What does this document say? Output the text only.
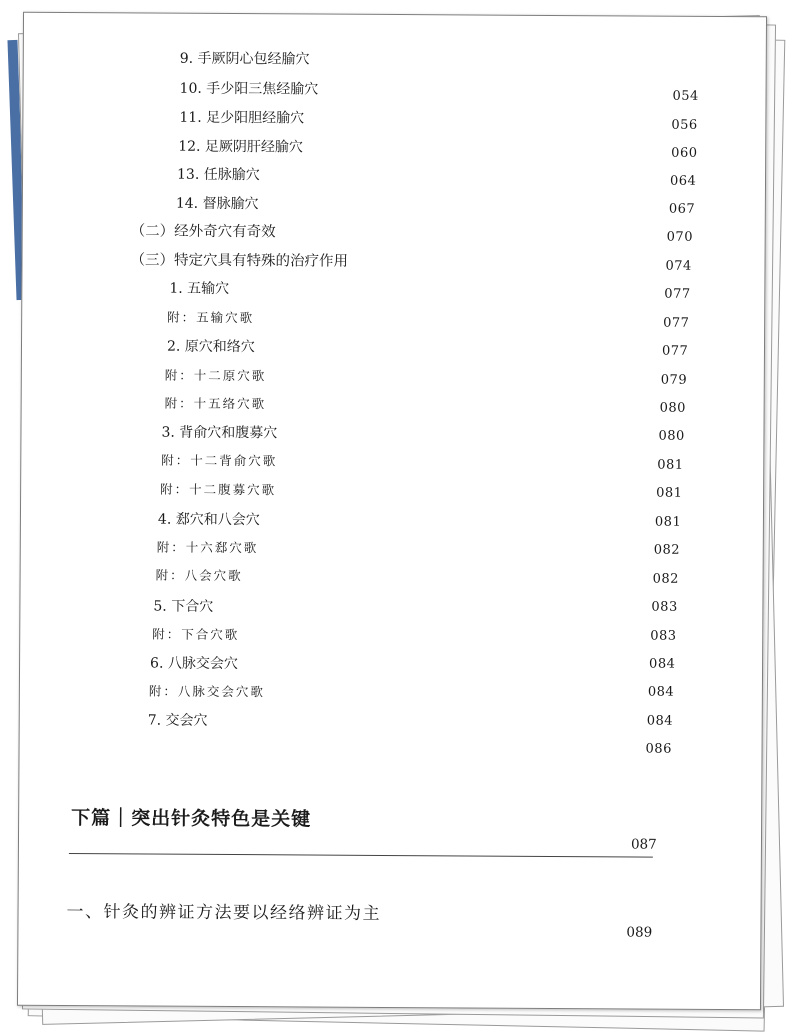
9. 手厥阴心包经腧穴
10. 手少阳三焦经腧穴	054
11. 足少阳胆经腧穴	056
12. 足厥阴肝经腧穴	060
13. 任脉腧穴	064
14. 督脉腧穴	067
（二）经外奇穴有奇效	070
（三）特定穴具有特殊的治疗作用	074
1. 五输穴	077
附：五输穴歌	077
2. 原穴和络穴	077
附：十二原穴歌	079
附：十五络穴歌	080
3. 背俞穴和腹募穴	080
附：十二背俞穴歌	081
附：十二腹募穴歌	081
4. 郄穴和八会穴	081
附：十六郄穴歌	082
附：八会穴歌	082
5. 下合穴	083
附：下合穴歌	083
6. 八脉交会穴	084
附：八脉交会穴歌	084
7. 交会穴	084
086
下篇｜突出针灸特色是关键
087
一、针灸的辨证方法要以经络辨证为主
089
